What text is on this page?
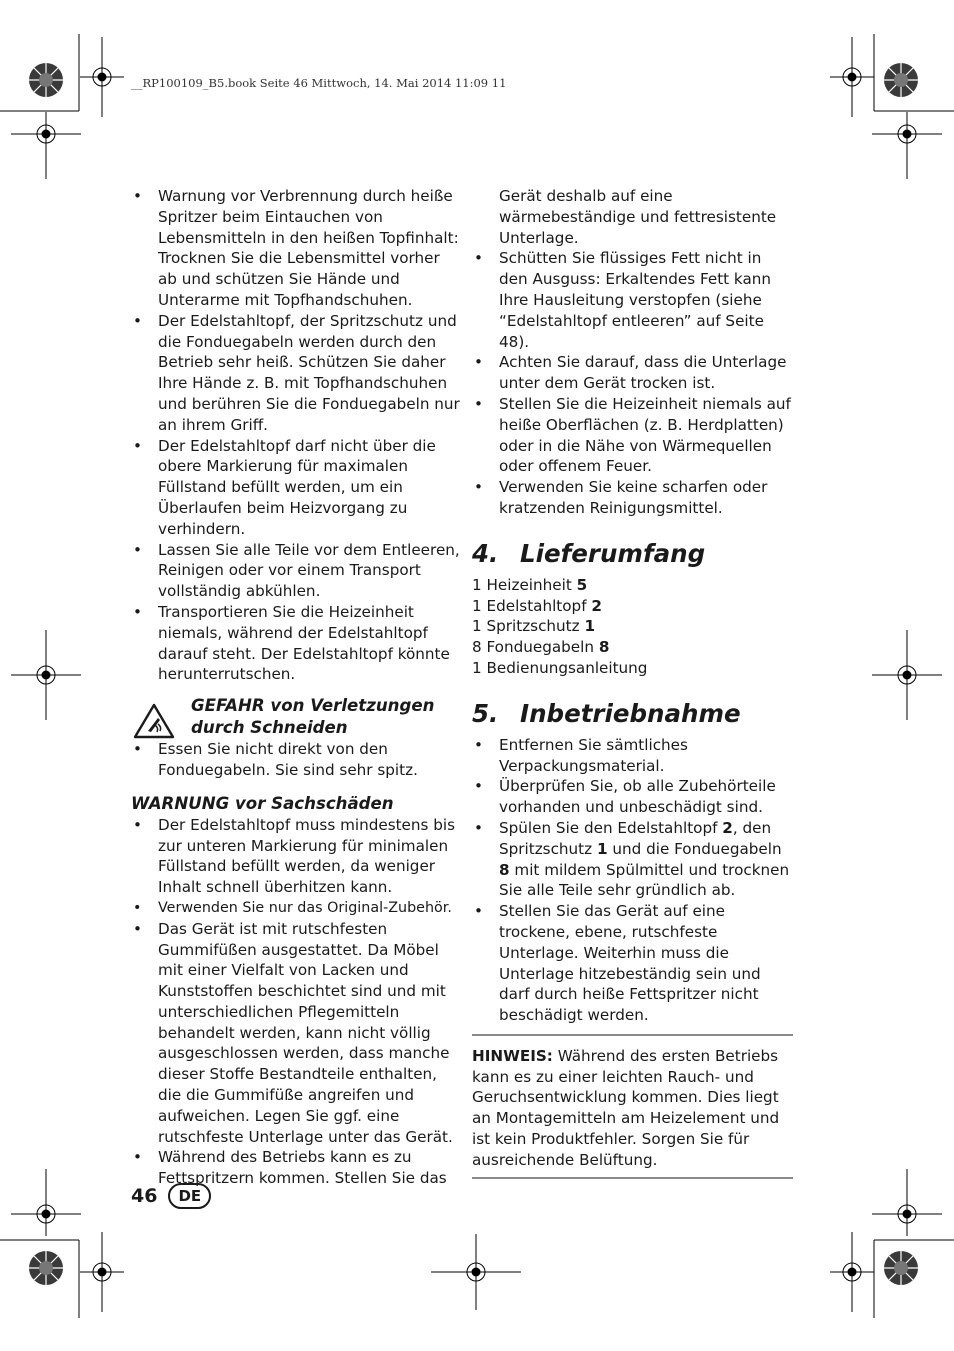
__RP100109_B5.book Seite 46 Mittwoch, 14. Mai 2014 11:09 11
• Warnung vor Verbrennung durch heiße Spritzer beim Eintauchen von Lebensmitteln in den heißen Topfinhalt: Trocknen Sie die Lebensmittel vorher ab und schützen Sie Hände und Unterarme mit Topfhandschuhen.
• Der Edelstahltopf, der Spritzschutz und die Fonduegabeln werden durch den Betrieb sehr heiß. Schützen Sie daher Ihre Hände z. B. mit Topfhandschuhen und berühren Sie die Fonduegabeln nur an ihrem Griff.
• Der Edelstahltopf darf nicht über die obere Markierung für maximalen Füllstand befüllt werden, um ein Überlaufen beim Heizvorgang zu verhindern.
• Lassen Sie alle Teile vor dem Entleeren, Reinigen oder vor einem Transport vollständig abkühlen.
• Transportieren Sie die Heizeinheit niemals, während der Edelstahltopf darauf steht. Der Edelstahltopf könnte herunterrutschen.
GEFAHR von Verletzungen
durch Schneiden
• Essen Sie nicht direkt von den Fonduegabeln. Sie sind sehr spitz.
WARNUNG vor Sachschäden
• Der Edelstahltopf muss mindestens bis zur unteren Markierung für minimalen Füllstand befüllt werden, da weniger Inhalt schnell überhitzen kann.
• Verwenden Sie nur das Original-Zubehör.
• Das Gerät ist mit rutschfesten Gummifüßen ausgestattet. Da Möbel mit einer Vielfalt von Lacken und Kunststoffen beschichtet sind und mit unterschiedlichen Pflegemitteln behandelt werden, kann nicht völlig ausgeschlossen werden, dass manche dieser Stoffe Bestandteile enthalten, die die Gummifüße angreifen und aufweichen. Legen Sie ggf. eine rutschfeste Unterlage unter das Gerät.
• Während des Betriebs kann es zu Fettspritzern kommen. Stellen Sie das
Gerät deshalb auf eine wärmebeständige und fettresistente Unterlage.
• Schütten Sie flüssiges Fett nicht in den Ausguss: Erkaltendes Fett kann Ihre Hausleitung verstopfen (siehe “Edelstahltopf entleeren” auf Seite 48).
• Achten Sie darauf, dass die Unterlage unter dem Gerät trocken ist.
• Stellen Sie die Heizeinheit niemals auf heiße Oberflächen (z. B. Herdplatten) oder in die Nähe von Wärmequellen oder offenem Feuer.
• Verwenden Sie keine scharfen oder kratzenden Reinigungsmittel.
4. Lieferumfang
1 Heizeinheit 5
1 Edelstahltopf 2
1 Spritzschutz 1
8 Fonduegabeln 8
1 Bedienungsanleitung
5. Inbetriebnahme
• Entfernen Sie sämtliches Verpackungsmaterial.
• Überprüfen Sie, ob alle Zubehörteile vorhanden und unbeschädigt sind.
• Spülen Sie den Edelstahltopf 2, den Spritzschutz 1 und die Fonduegabeln 8 mit mildem Spülmittel und trocknen Sie alle Teile sehr gründlich ab.
• Stellen Sie das Gerät auf eine trockene, ebene, rutschfeste Unterlage. Weiterhin muss die Unterlage hitzebeständig sein und darf durch heiße Fettspritzer nicht beschädigt werden.
HINWEIS: Während des ersten Betriebs kann es zu einer leichten Rauch- und Geruchsentwicklung kommen. Dies liegt an Montagemitteln am Heizelement und ist kein Produktfehler. Sorgen Sie für ausreichende Belüftung.
46	DE
